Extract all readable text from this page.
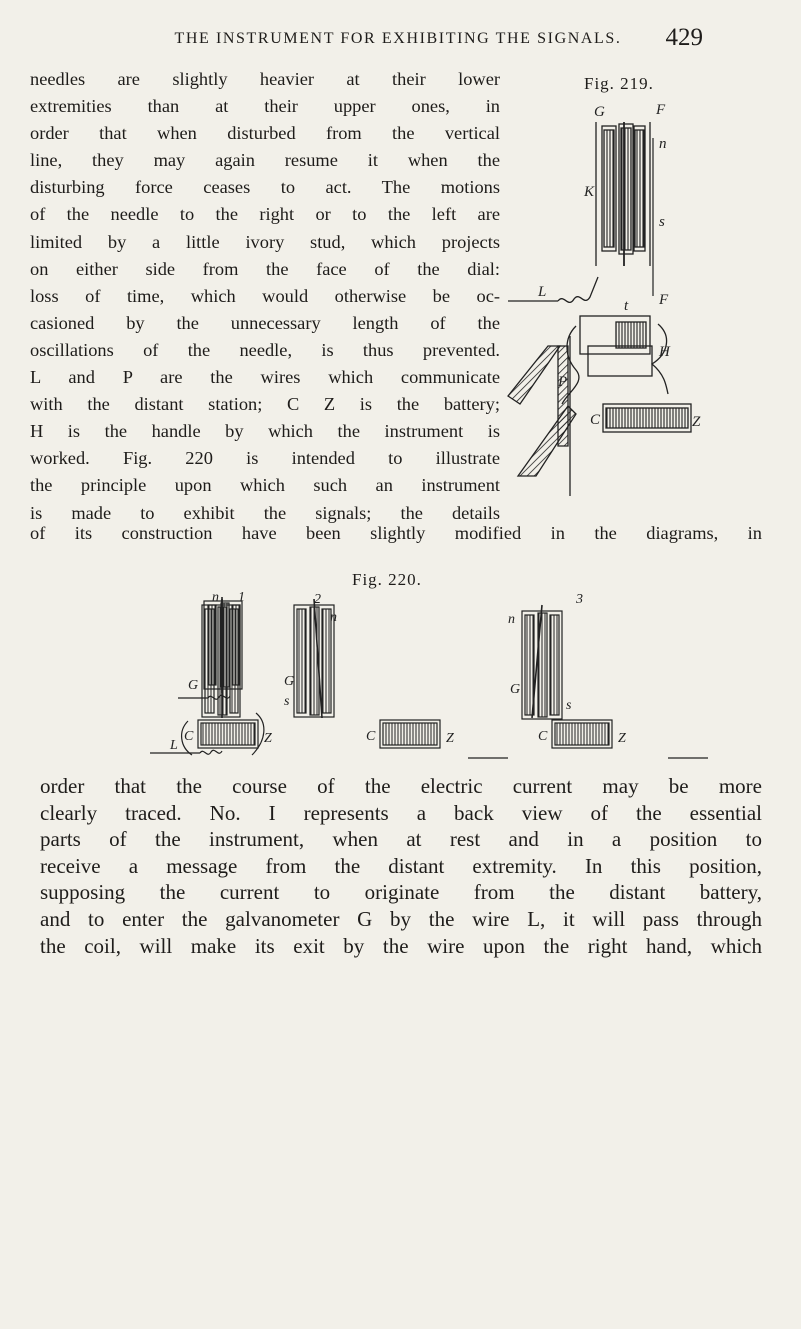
THE INSTRUMENT FOR EXHIBITING THE SIGNALS.	429
needles are slightly heavier at their lower
extremities than at their upper ones, in
order that when disturbed from the vertical
line, they may again resume it when the
disturbing force ceases to act. The motions
of the needle to the right or to the left are
limited by a little ivory stud, which projects
on either side from the face of the dial:
loss of time, which would otherwise be oc-
casioned by the unnecessary length of the
oscillations of the needle, is thus prevented.
L and P are the wires which communicate
with the distant station; C Z is the battery;
H is the handle by which the instrument is
worked. Fig. 220 is intended to illustrate
the principle upon which such an instrument
is made to exhibit the signals; the details
of its construction have been slightly modified in the diagrams, in
Fig. 219.
G	F
n
K
s
L
t F
H
P
C	Z
Fig. 220.
n 1
G
L
C	Z	C	Z	C	Z
2
n
G
s
3
n
G
s
order that the course of the electric current may be more
clearly traced. No. I represents a back view of the essential
parts of the instrument, when at rest and in a position to
receive a message from the distant extremity. In this position,
supposing the current to originate from the distant battery,
and to enter the galvanometer G by the wire L, it will pass through
the coil, will make its exit by the wire upon the right hand, which
